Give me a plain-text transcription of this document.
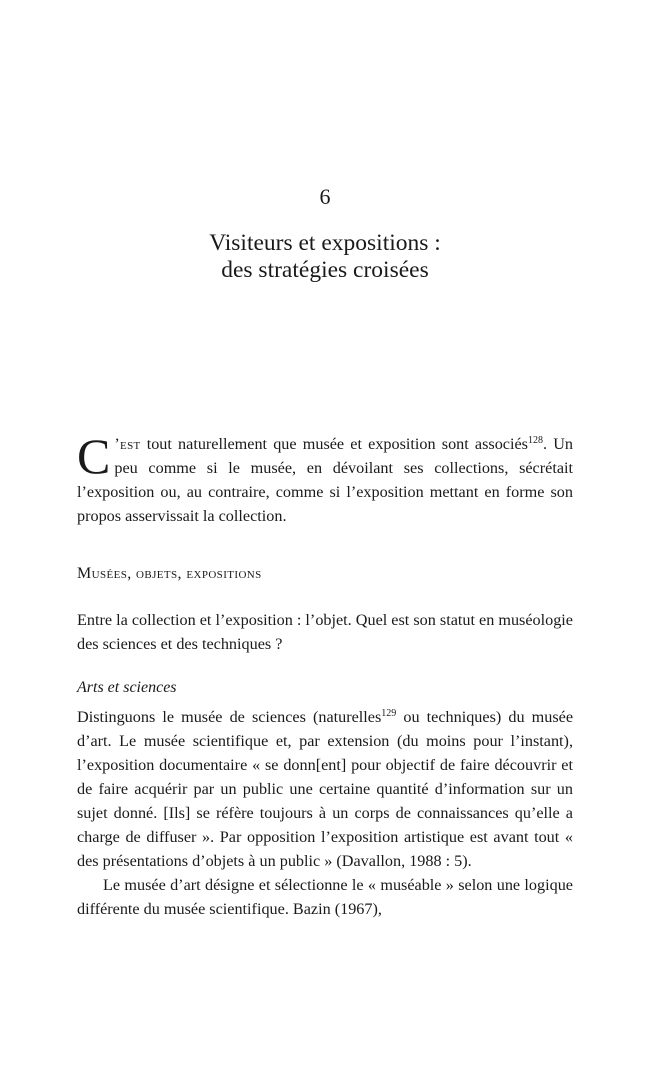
6
Visiteurs et expositions :
des stratégies croisées

C ’est tout naturellement que musée et exposition sont associés$^{128}$. Un peu comme si le musée, en dévoilant ses collections, sécrétait l’exposition ou, au contraire, comme si l’exposition mettant en forme son propos asservissait la collection.

Musées, objets, expositions

Entre la collection et l’exposition : l’objet. Quel est son statut en muséologie des sciences et des techniques ?

Arts et sciences

Distinguons le musée de sciences (naturelles$^{129}$ ou techniques) du musée d’art. Le musée scientifique et, par extension (du moins pour l’instant), l’exposition documentaire « se donn[ent] pour objectif de faire découvrir et de faire acquérir par un public une certaine quantité d’information sur un sujet donné. [Ils] se réfère toujours à un corps de connaissances qu’elle a charge de diffuser ». Par opposition l’exposition artistique est avant tout « des présentations d’objets à un public » (Davallon, 1988 : 5).

Le musée d’art désigne et sélectionne le « muséable » selon une logique différente du musée scientifique. Bazin (1967),
